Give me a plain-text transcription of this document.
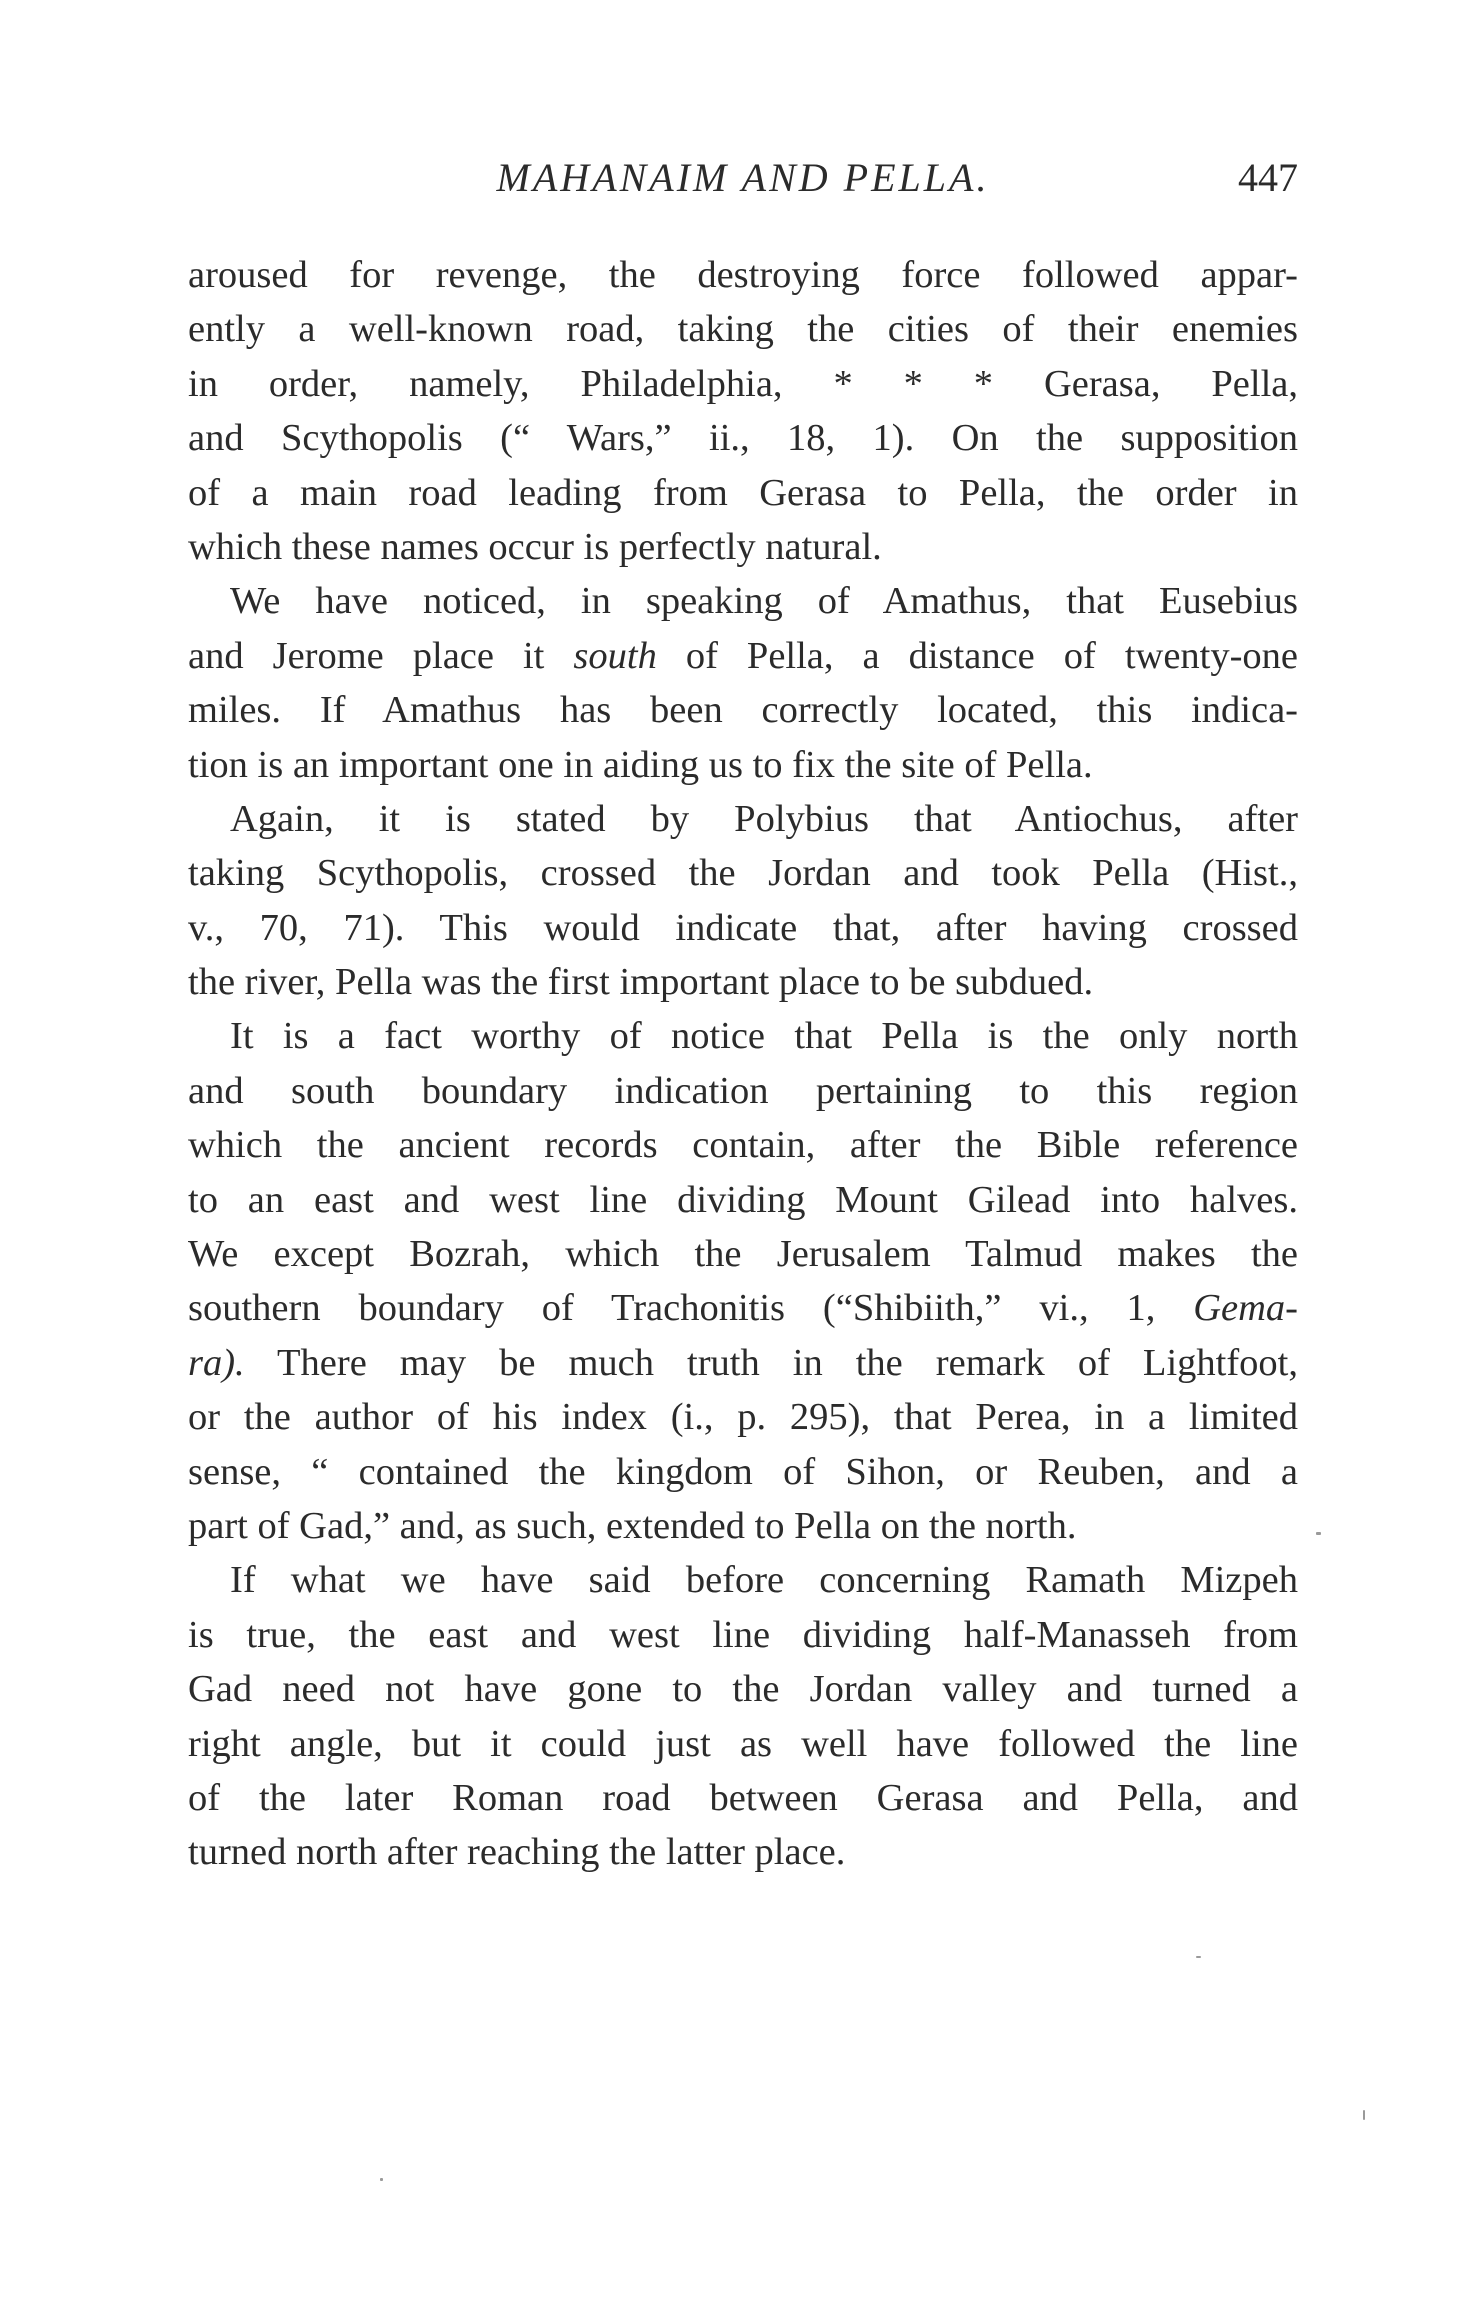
MAHANAIM AND PELLA.	447
aroused for revenge, the destroying force followed appar-
ently a well-known road, taking the cities of their enemies
in order, namely, Philadelphia, * * * Gerasa, Pella,
and Scythopolis (“ Wars,” ii., 18, 1). On the supposition
of a main road leading from Gerasa to Pella, the order in
which these names occur is perfectly natural.
We have noticed, in speaking of Amathus, that Eusebius
and Jerome place it south of Pella, a distance of twenty-one
miles. If Amathus has been correctly located, this indica-
tion is an important one in aiding us to fix the site of Pella.
Again, it is stated by Polybius that Antiochus, after
taking Scythopolis, crossed the Jordan and took Pella (Hist.,
v., 70, 71). This would indicate that, after having crossed
the river, Pella was the first important place to be subdued.
It is a fact worthy of notice that Pella is the only north
and south boundary indication pertaining to this region
which the ancient records contain, after the Bible reference
to an east and west line dividing Mount Gilead into halves.
We except Bozrah, which the Jerusalem Talmud makes the
southern boundary of Trachonitis (“Shibiith,” vi., 1, Gema-
ra). There may be much truth in the remark of Lightfoot,
or the author of his index (i., p. 295), that Perea, in a limited
sense, “ contained the kingdom of Sihon, or Reuben, and a
part of Gad,” and, as such, extended to Pella on the north.
If what we have said before concerning Ramath Mizpeh
is true, the east and west line dividing half-Manasseh from
Gad need not have gone to the Jordan valley and turned a
right angle, but it could just as well have followed the line
of the later Roman road between Gerasa and Pella, and
turned north after reaching the latter place.
